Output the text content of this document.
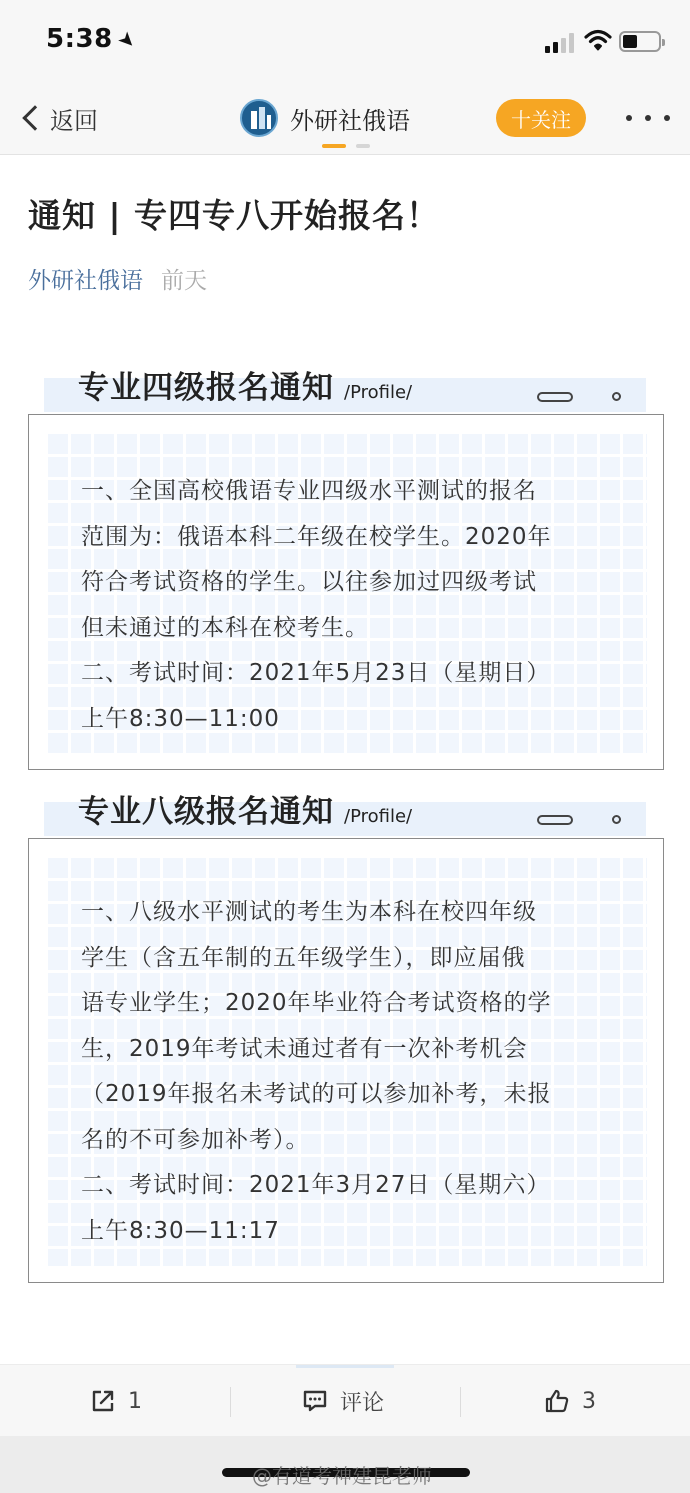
5:38➤
返回	外研社俄语	十关注
通知 | 专四专八开始报名！
外研社俄语 前天
专业四级报名通知 /Profile/
一、全国高校俄语专业四级水平测试的报名
范围为：俄语本科二年级在校学生。2020年
符合考试资格的学生。以往参加过四级考试
但未通过的本科在校考生。
二、考试时间：2021年5月23日（星期日）
上午8:30—11:00
专业八级报名通知 /Profile/
一、八级水平测试的考生为本科在校四年级
学生（含五年制的五年级学生），即应届俄
语专业学生；2020年毕业符合考试资格的学
生，2019年考试未通过者有一次补考机会
（2019年报名未考试的可以参加补考，未报
名的不可参加补考）。
二、考试时间：2021年3月27日（星期六）
上午8:30—11:17
1	评论	3
@有道考神建昆老师
